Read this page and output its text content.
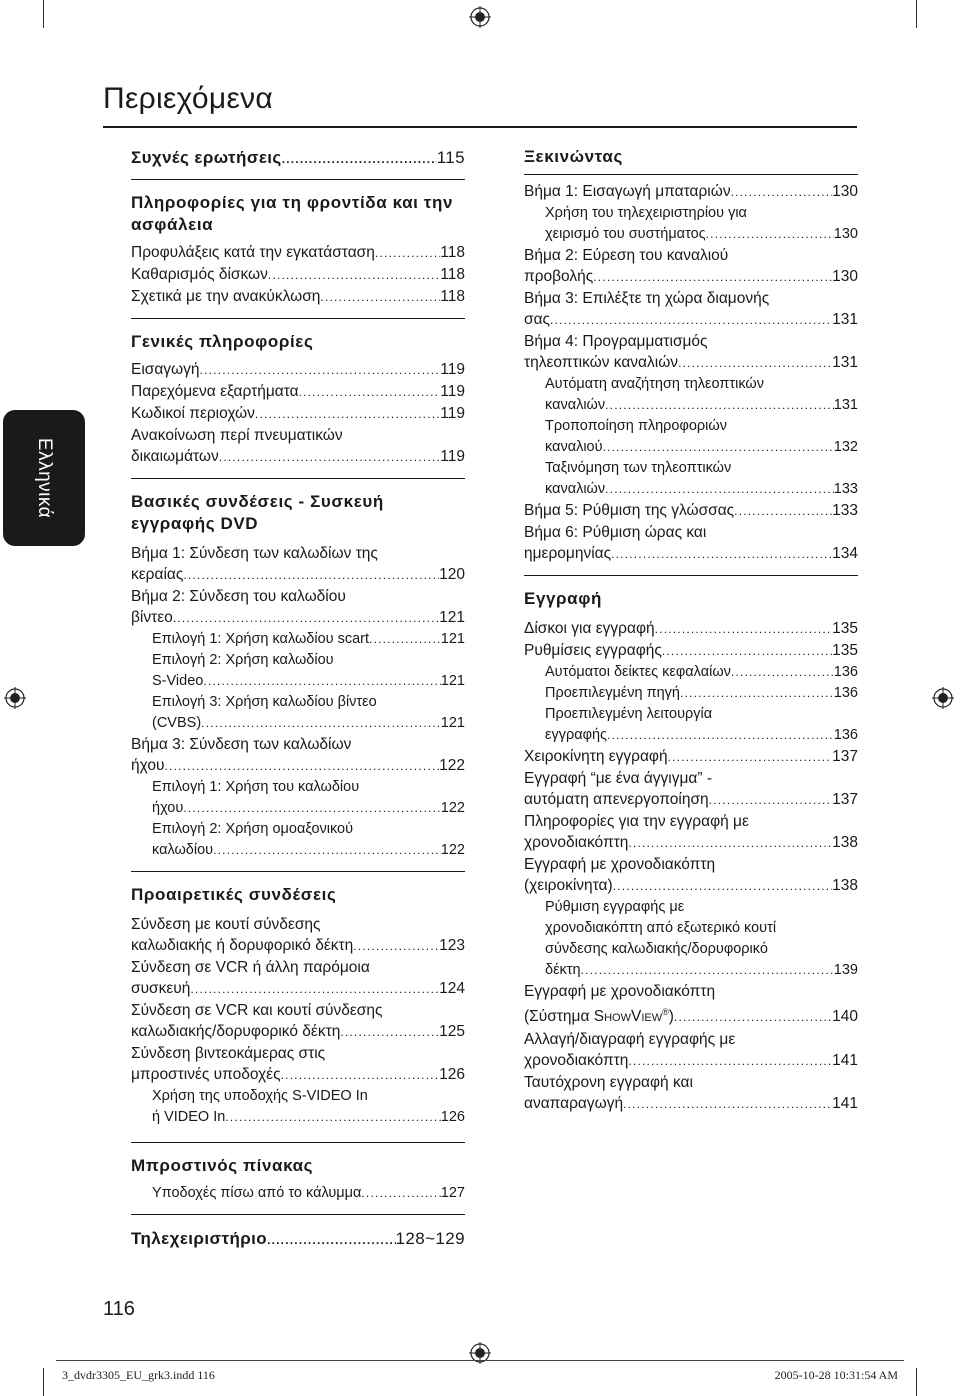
Περιεχόμενα
Ελληνικά
Συχνές ερωτήσεις .....	115
Πληροφορίες για τη φροντίδα και την ασφάλεια
Προφυλάξεις κατά την εγκατάσταση .....	118
Καθαρισμός δίσκων .....	118
Σχετικά με την ανακύκλωση .....	118
Γενικές πληροφορίες
Εισαγωγή .....	119
Παρεχόμενα εξαρτήματα .....	119
Κωδικοί περιοχών .....	119
Ανακοίνωση περί πνευματικών
δικαιωμάτων .....	119
Βασικές συνδέσεις - Συσκευή εγγραφής DVD
Βήμα 1: Σύνδεση των καλωδίων της
κεραίας .....	120
Βήμα 2: Σύνδεση του καλωδίου
βίντεο .....	121
Επιλογή 1: Χρήση καλωδίου scart .....	121
Επιλογή 2: Χρήση καλωδίου
S-Video .....	121
Επιλογή 3: Χρήση καλωδίου βίντεο
(CVBS) .....	121
Βήμα 3: Σύνδεση των καλωδίων
ήχου .....	122
Επιλογή 1: Χρήση του καλωδίου
ήχου .....	122
Επιλογή 2: Χρήση ομοαξονικού
καλωδίου .....	122
Προαιρετικές συνδέσεις
Σύνδεση με κουτί σύνδεσης
καλωδιακής ή δορυφορικό δέκτη .....	123
Σύνδεση σε VCR ή άλλη παρόμοια
συσκευή .....	124
Σύνδεση σε VCR και κουτί σύνδεσης
καλωδιακής/δορυφορικό δέκτη .....	125
Σύνδεση βιντεοκάμερας στις
μπροστινές υποδοχές .....	126
Χρήση της υποδοχής S-VIDEO In
ή VIDEO In .....	126
Μπροστινός πίνακας
Υποδοχές πίσω από το κάλυμμα .....	127
Τηλεχειριστήριο .....	128~129
Ξεκινώντας
Βήμα 1: Εισαγωγή μπαταριών .....	130
Χρήση του τηλεχειριστηρίου για
χειρισμό του συστήματος .....	130
Βήμα 2: Εύρεση του καναλιού
προβολής .....	130
Βήμα 3: Επιλέξτε τη χώρα διαμονής
σας .....	131
Βήμα 4: Προγραμματισμός
τηλεοπτικών καναλιών .....	131
Αυτόματη αναζήτηση τηλεοπτικών
καναλιών .....	131
Τροποποίηση πληροφοριών
καναλιού .....	132
Ταξινόμηση των τηλεοπτικών
καναλιών .....	133
Βήμα 5: Ρύθμιση της γλώσσας .....	133
Βήμα 6: Ρύθμιση ώρας και
ημερομηνίας .....	134
Εγγραφή
Δίσκοι για εγγραφή .....	135
Ρυθμίσεις εγγραφής .....	135
Αυτόματοι δείκτες κεφαλαίων .....	136
Προεπιλεγμένη πηγή .....	136
Προεπιλεγμένη λειτουργία
εγγραφής .....	136
Χειροκίνητη εγγραφή .....	137
Εγγραφή “με ένα άγγιγμα” -
αυτόματη απενεργοποίηση .....	137
Πληροφορίες για την εγγραφή με
χρονοδιακόπτη .....	138
Εγγραφή με χρονοδιακόπτη
(χειροκίνητα) .....	138
Ρύθμιση εγγραφής με
χρονοδιακόπτη από εξωτερικό κουτί
σύνδεσης καλωδιακής/δορυφορικό
δέκτη .....	139
Εγγραφή με χρονοδιακόπτη
(Σύστημα SHOWVIEW®) .....	140
Αλλαγή/διαγραφή εγγραφής με
χρονοδιακόπτη .....	141
Ταυτόχρονη εγγραφή και
αναπαραγωγή .....	141
116
3_dvdr3305_EU_grk3.indd 116	2005-10-28 10:31:54 AM
